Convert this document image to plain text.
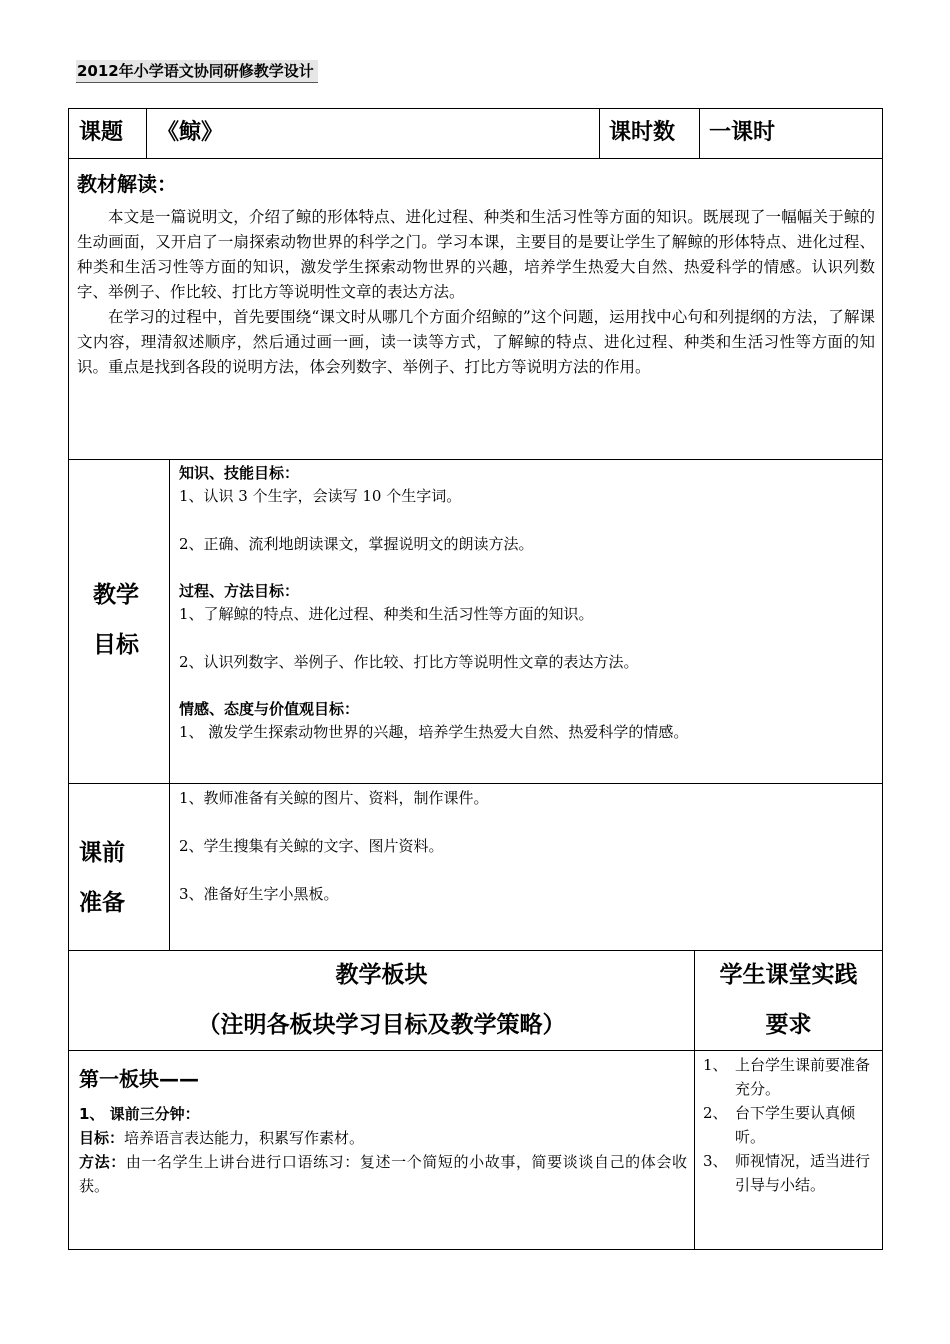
2012年小学语文协同研修教学设计
课题 《鲸》	课时数 一课时
教材解读：

本文是一篇说明文，介绍了鲸的形体特点、进化过程、种类和生活习性等方面的知识。既展现了一幅幅关于鲸的生动画面，又开启了一扇探索动物世界的科学之门。学习本课，主要目的是要让学生了解鲸的形体特点、进化过程、种类和生活习性等方面的知识，激发学生探索动物世界的兴趣，培养学生热爱大自然、热爱科学的情感。认识列数字、举例子、作比较、打比方等说明性文章的表达方法。

在学习的过程中，首先要围绕“课文时从哪几个方面介绍鲸的”这个问题，运用找中心句和列提纲的方法，了解课文内容，理清叙述顺序，然后通过画一画，读一读等方式，了解鲸的特点、进化过程、种类和生活习性等方面的知识。重点是找到各段的说明方法，体会列数字、举例子、打比方等说明方法的作用。

教学
目标
知识、技能目标：
1、认识 3 个生字，会读写 10 个生字词。
2、正确、流利地朗读课文，掌握说明文的朗读方法。
过程、方法目标：
1、了解鲸的特点、进化过程、种类和生活习性等方面的知识。
2、认识列数字、举例子、作比较、打比方等说明性文章的表达方法。
情感、态度与价值观目标：
1、 激发学生探索动物世界的兴趣，培养学生热爱大自然、热爱科学的情感。
课前
准备
1、教师准备有关鲸的图片、资料，制作课件。
2、学生搜集有关鲸的文字、图片资料。
3、准备好生字小黑板。
教学板块
（注明各板块学习目标及教学策略）
学生课堂实践
要求
第一板块——
1、 课前三分钟：
目标：培养语言表达能力，积累写作素材。

方法：由一名学生上讲台进行口语练习：复述一个简短的小故事，简要谈谈自己的体会收获。

1、 上台学生课前要准备充分。
2、 台下学生要认真倾听。
3、 师视情况，适当进行引导与小结。
